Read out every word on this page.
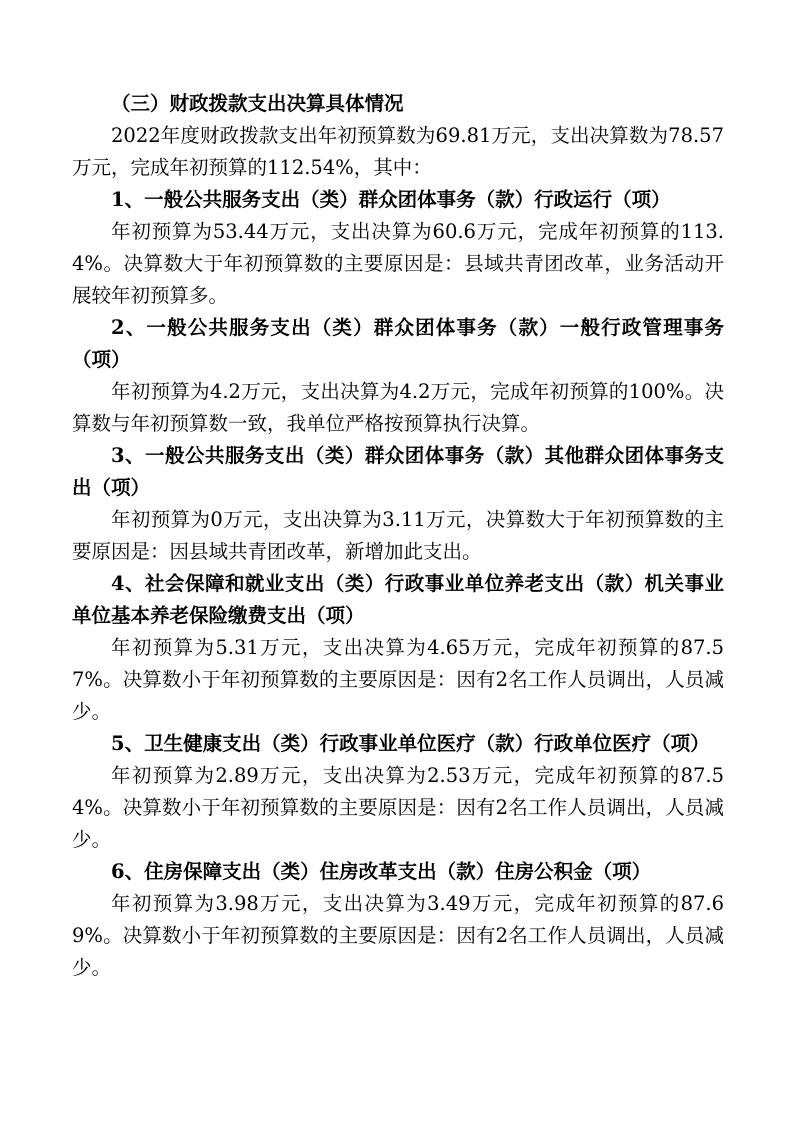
（三）财政拨款支出决算具体情况

2022年度财政拨款支出年初预算数为69.81万元，支出决算数为78.57万元，完成年初预算的112.54%，其中：

1、一般公共服务支出（类）群众团体事务（款）行政运行（项）

年初预算为53.44万元，支出决算为60.6万元，完成年初预算的113.4%。决算数大于年初预算数的主要原因是：县域共青团改革，业务活动开展较年初预算多。

2、一般公共服务支出（类）群众团体事务（款）一般行政管理事务（项）

年初预算为4.2万元，支出决算为4.2万元，完成年初预算的100%。决算数与年初预算数一致，我单位严格按预算执行决算。

3、一般公共服务支出（类）群众团体事务（款）其他群众团体事务支出（项）

年初预算为0万元，支出决算为3.11万元，决算数大于年初预算数的主要原因是：因县域共青团改革，新增加此支出。

4、社会保障和就业支出（类）行政事业单位养老支出（款）机关事业单位基本养老保险缴费支出（项）

年初预算为5.31万元，支出决算为4.65万元，完成年初预算的87.57%。决算数小于年初预算数的主要原因是：因有2名工作人员调出，人员减少。

5、卫生健康支出（类）行政事业单位医疗（款）行政单位医疗（项）

年初预算为2.89万元，支出决算为2.53万元，完成年初预算的87.54%。决算数小于年初预算数的主要原因是：因有2名工作人员调出，人员减少。

6、住房保障支出（类）住房改革支出（款）住房公积金（项）

年初预算为3.98万元，支出决算为3.49万元，完成年初预算的87.69%。决算数小于年初预算数的主要原因是：因有2名工作人员调出，人员减少。
